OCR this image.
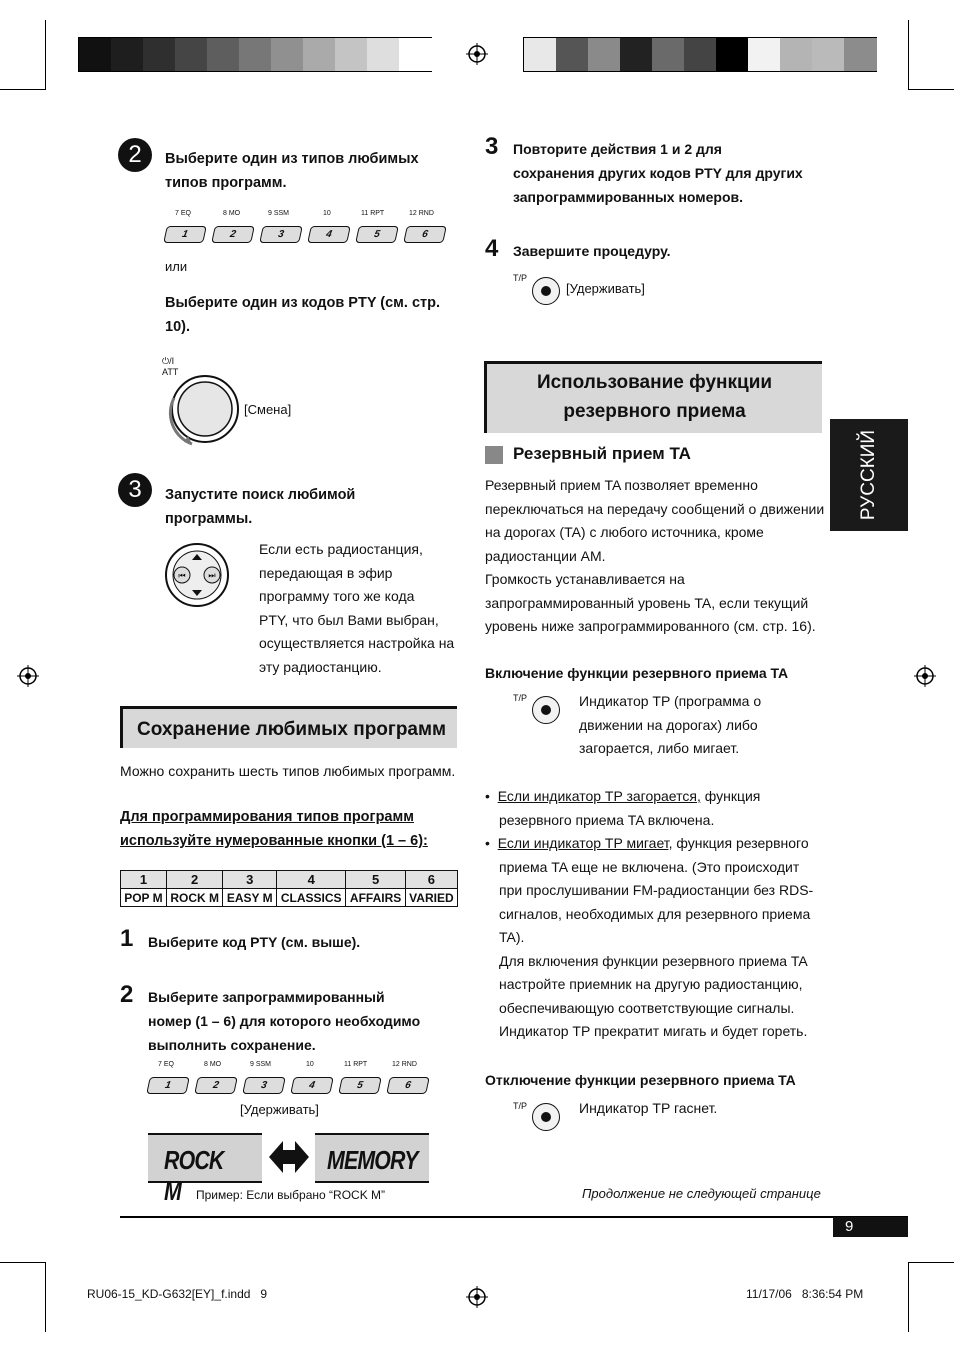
2	Выберите один из типов любимых типов программ.
7 EQ	8 MO	9 SSM	10	11 RPT	12 RND
1	2	3	4	5	6
или
Выберите один из кодов PTY (см. стр. 10).
⏻/I ATT
[Смена]
3	Запустите поиск любимой программы.
⏮	⏭
Если есть радиостанция,
передающая в эфир
программу того же кода
PTY, что был Вами выбран,
осуществляется настройка на
эту радиостанцию.
Сохранение любимых программ
Можно сохранить шесть типов любимых программ.
Для программирования типов программ
используйте нумерованные кнопки (1 – 6):
1	2	3	4	5	6
POP M	ROCK M	EASY M	CLASSICS	AFFAIRS	VARIED
1 Выберите код PTY (см. выше).
2 Выберите запрограммированный
номер (1 – 6) для которого необходимо
выполнить сохранение.
7 EQ	8 MO	9 SSM	10	11 RPT	12 RND
1	2	3	4	5	6
[Удерживать]
ROCK M
MEMORY
Пример: Если выбрано “ROCK M”
3 Повторите действия 1 и 2 для
сохранения других кодов PTY для других
запрограммированных номеров.
4 Завершите процедуру.
T/P
[Удерживать]
Использование функции
резервного приема
Резервный прием TA
Резервный прием TA позволяет временно
переключаться на передачу сообщений о движении
на дорогах (TA) с любого источника, кроме
радиостанции AM.
Громкость устанавливается на
запрограммированный уровень TA, если текущий
уровень ниже запрограммированного (см. стр. 16).
Включение функции резервного приема TA
T/P	Индикатор TP (программа о
движении на дорогах) либо
загорается, либо мигает.
•  Если индикатор TP загорается, функция
резервного приема TA включена.
•  Если индикатор TP мигает, функция резервного
приема TA еще не включена. (Это происходит
при прослушивании FM-радиостанции без RDS-
сигналов, необходимых для резервного приема
TA).
Для включения функции резервного приема TA
настройте приемник на другую радиостанцию,
обеспечивающую соответствующие сигналы.
Индикатор TP прекратит мигать и будет гореть.
Отключение функции резервного приема TA
T/P	Индикатор TP гаснет.
Продолжение не следующей странице
РУССКИЙ
9
RU06-15_KD-G632[EY]_f.indd   9	11/17/06   8:36:54 PM
